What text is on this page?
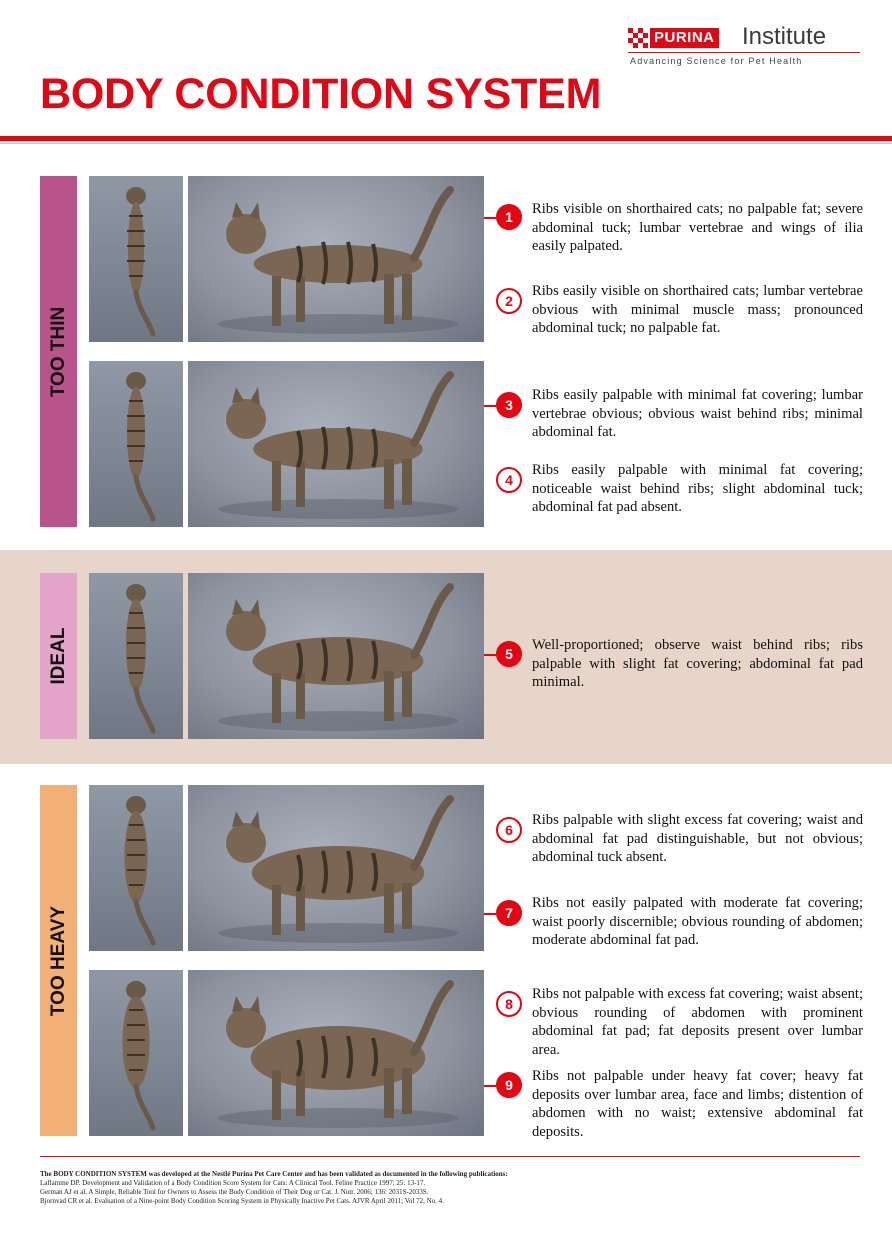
PURINA Institute
Advancing Science for Pet Health
BODY CONDITION SYSTEM
TOO THIN
IDEAL
TOO HEAVY
1	Ribs visible on shorthaired cats; no palpable fat; severe abdominal tuck; lumbar vertebrae and wings of ilia easily palpated.

2

Ribs easily visible on shorthaired cats; lumbar vertebrae obvious with minimal muscle mass; pronounced abdominal tuck; no palpable fat.

3

Ribs easily palpable with minimal fat covering; lumbar vertebrae obvious; obvious waist behind ribs; minimal abdominal fat.

4

Ribs easily palpable with minimal fat covering; noticeable waist behind ribs; slight abdominal tuck; abdominal fat pad absent.

5

Well-proportioned; observe waist behind ribs; ribs palpable with slight fat covering; abdominal fat pad minimal.

6

Ribs palpable with slight excess fat covering; waist and abdominal fat pad distinguishable, but not obvious; abdominal tuck absent.

7

Ribs not easily palpated with moderate fat covering; waist poorly discernible; obvious rounding of abdomen; moderate abdominal fat pad.

8

Ribs not palpable with excess fat covering; waist absent; obvious rounding of abdomen with prominent abdominal fat pad; fat deposits present over lumbar area.

9

Ribs not palpable under heavy fat cover; heavy fat deposits over lumbar area, face and limbs; distention of abdomen with no waist; extensive abdominal fat deposits.

The BODY CONDITION SYSTEM was developed at the Nestlé Purina Pet Care Center and has been validated as documented in the following publications:
Laflamme DP. Development and Validation of a Body Condition Score System for Cats: A Clinical Tool. Feline Practice 1997; 25: 13-17.
German AJ et al. A Simple, Reliable Tool for Owners to Assess the Body Condition of Their Dog or Cat. J. Nutr. 2006; 136: 2031S-2033S.
Bjornvad CR et al. Evaluation of a Nine-point Body Condition Scoring System in Physically Inactive Pet Cats. AJVR April 2011; Vol 72, No. 4.
